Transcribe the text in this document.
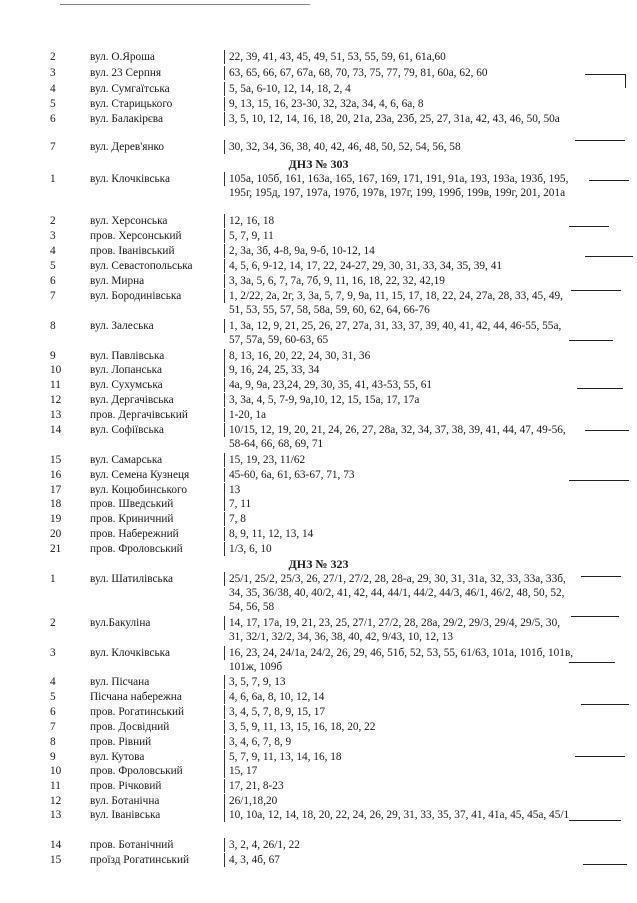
2	вул. О.Яроша	22, 39, 41, 43, 45, 49, 51, 53, 55, 59, 61, 61а,60
3	вул. 23 Серпня	63, 65, 66, 67, 67а, 68, 70, 73, 75, 77, 79, 81, 60а, 62, 60
4	вул. Сумгаїтська	5, 5а, 6-10, 12, 14, 18, 2, 4
5	вул. Старицького	9, 13, 15, 16, 23-30, 32, 32а, 34, 4, 6, 6а, 8
6	вул. Балакірєва	3, 5, 10, 12, 14, 16, 18, 20, 21а, 23а, 23б, 25, 27, 31а, 42, 43, 46, 50, 50а
7	вул. Дерев'янко	30, 32, 34, 36, 38, 40, 42, 46, 48, 50, 52, 54, 56, 58
ДНЗ № 303
1	вул. Клочківська	105а, 105б, 161, 163а, 165, 167, 169, 171, 191, 91а, 193, 193а, 193б, 195, 195г, 195д, 197, 197а, 197б, 197в, 197г, 199, 199б, 199в, 199г, 201, 201а
2	вул. Херсонська	12, 16, 18
3	пров. Херсонський	5, 7, 9, 11
4	пров. Іванівський	2, 3а, 3б, 4-8, 9а, 9-б, 10-12, 14
5	вул. Севастопольська	4, 5, 6, 9-12, 14, 17, 22, 24-27, 29, 30, 31, 33, 34, 35, 39, 41
6	вул. Мирна	3, 3а, 5, 6, 7, 7а, 7б, 9, 11, 16, 18, 22, 32, 42,19
7	вул. Бородинівська	1, 2/22, 2а, 2г, 3, 3а, 5, 7, 9, 9а, 11, 15, 17, 18, 22, 24, 27а, 28, 33, 45, 49, 51, 53, 55, 57, 58, 58а, 59, 60, 62, 64, 66-76
8	вул. Залеська	1, 3а, 12, 9, 21, 25, 26, 27, 27а, 31, 33, 37, 39, 40, 41, 42, 44, 46-55, 55а, 57, 57а, 59, 60-63, 65
9	вул. Павлівська	8, 13, 16, 20, 22, 24, 30, 31, 36
10	вул. Лопанська	9, 16, 24, 25, 33, 34
11	вул. Сухумська	4а, 9, 9а, 23,24, 29, 30, 35, 41, 43-53, 55, 61
12	вул. Дергачівська	3, 3а, 4, 5, 7-9, 9а,10, 12, 15, 15а, 17, 17а
13	пров. Дергачівський	1-20, 1а
14	вул. Софіївська	10/15, 12, 19, 20, 21, 24, 26, 27, 28а, 32, 34, 37, 38, 39, 41, 44, 47, 49-56, 58-64, 66, 68, 69, 71
15	вул. Самарська	15, 19, 23, 11/62
16	вул. Семена Кузнеця	45-60, 6а, 61, 63-67, 71, 73
17	вул. Коцюбинського	13
18	пров. Шведський	7, 11
19	пров. Криничний	7, 8
20	пров. Набережний	8, 9, 11, 12, 13, 14
21	пров. Фроловський	1/3, 6, 10
ДНЗ № 323
1	вул. Шатилівська	25/1, 25/2, 25/3, 26, 27/1, 27/2, 28, 28-а, 29, 30, 31, 31а, 32, 33, 33а, 33б, 34, 35, 36/38, 40, 40/2, 41, 42, 44, 44/1, 44/2, 44/3, 46/1, 46/2, 48, 50, 52, 54, 56, 58
2	вул.Бакуліна	14, 17, 17а, 19, 21, 23, 25, 27/1, 27/2, 28, 28а, 29/2, 29/3, 29/4, 29/5, 30, 31, 32/1, 32/2, 34, 36, 38, 40, 42, 9/43, 10, 12, 13
3	вул. Клочківська	16, 23, 24, 24/1а, 24/2, 26, 29, 46, 51б, 52, 53, 55, 61/63, 101а, 101б, 101в, 101ж, 109б
4	вул. Пісчана	3, 5, 7, 9, 13
5	Пісчана набережна	4, 6, 6а, 8, 10, 12, 14
6	пров. Рогатинський	3, 4, 5, 7, 8, 9, 15, 17
7	пров. Досвідний	3, 5, 9, 11, 13, 15, 16, 18, 20, 22
8	пров. Рівний	3, 4, 6, 7, 8, 9
9	вул. Кутова	5, 7, 9, 11, 13, 14, 16, 18
10	пров. Фроловський	15, 17
11	пров. Річковий	17, 21, 8-23
12	вул. Ботанічна	26/1,18,20
13	вул. Іванівська	10, 10а, 12, 14, 18, 20, 22, 24, 26, 29, 31, 33, 35, 37, 41, 41а, 45, 45а, 45/1
14	пров. Ботанічний	3, 2, 4, 26/1, 22
15	проїзд Рогатинський	4, 3, 4б, 67
